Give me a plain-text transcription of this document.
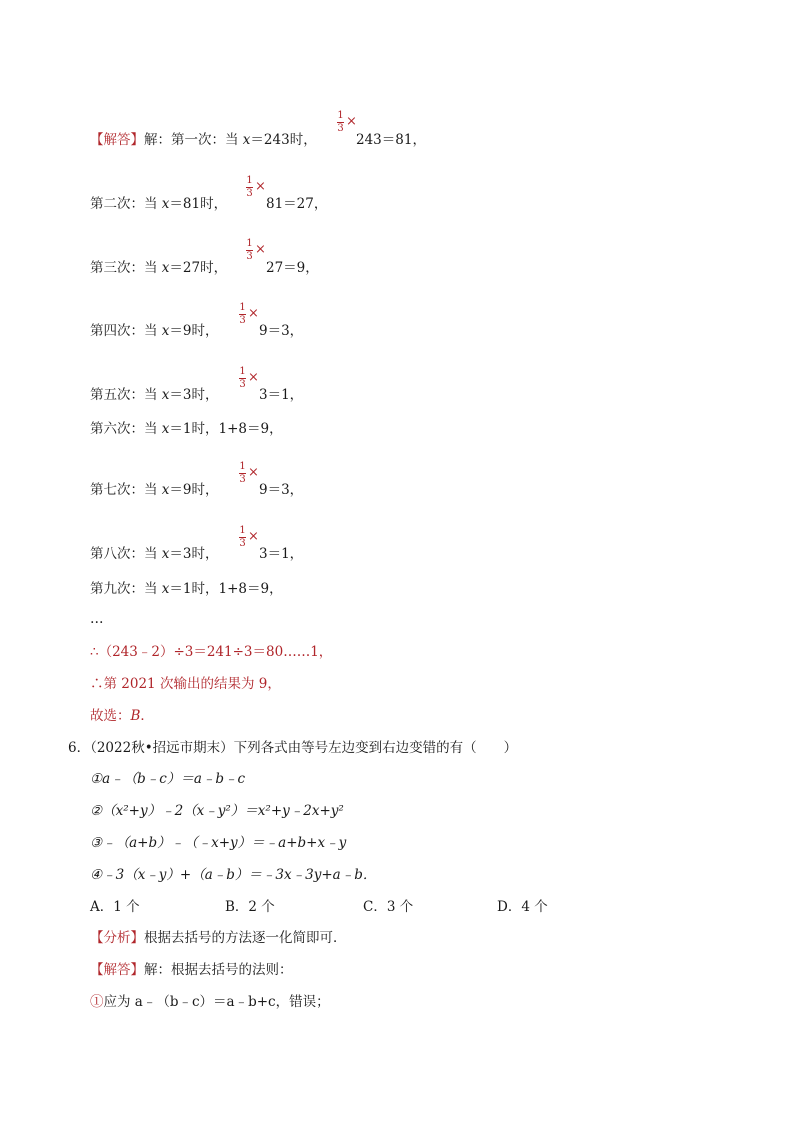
【解答】解：第一次：当 x＝243时，
1
3 ×
243＝81，
第二次：当 x＝81时，
1
3 ×
81＝27，
第三次：当 x＝27时，
1
3 ×
27＝9，
第四次：当 x＝9时，
1
3 ×
9＝3，
第五次：当 x＝3时，
1
3 ×
3＝1，
第六次：当 x＝1时，1+8＝9，
第七次：当 x＝9时，
1
3 ×
9＝3，
第八次：当 x＝3时，
1
3 ×
3＝1，
第九次：当 x＝1时，1+8＝9，
…
∴（243﹣2）÷3＝241÷3＝80……1，
∴第 2021 次输出的结果为 9，
故选：B．
6．（2022秋•招远市期末）下列各式由等号左边变到右边变错的有（　　）
①a﹣（b﹣c）＝a﹣b﹣c
②（x²+y）﹣2（x﹣y²）＝x²+y﹣2x+y²
③﹣（a+b）﹣（﹣x+y）＝﹣a+b+x﹣y
④﹣3（x﹣y）+（a﹣b）＝﹣3x﹣3y+a﹣b．
A．1 个	B．2 个	C．3 个	D．4 个
【分析】根据去括号的方法逐一化简即可．
【解答】解：根据去括号的法则：
①应为 a﹣（b﹣c）＝a﹣b+c，错误；
